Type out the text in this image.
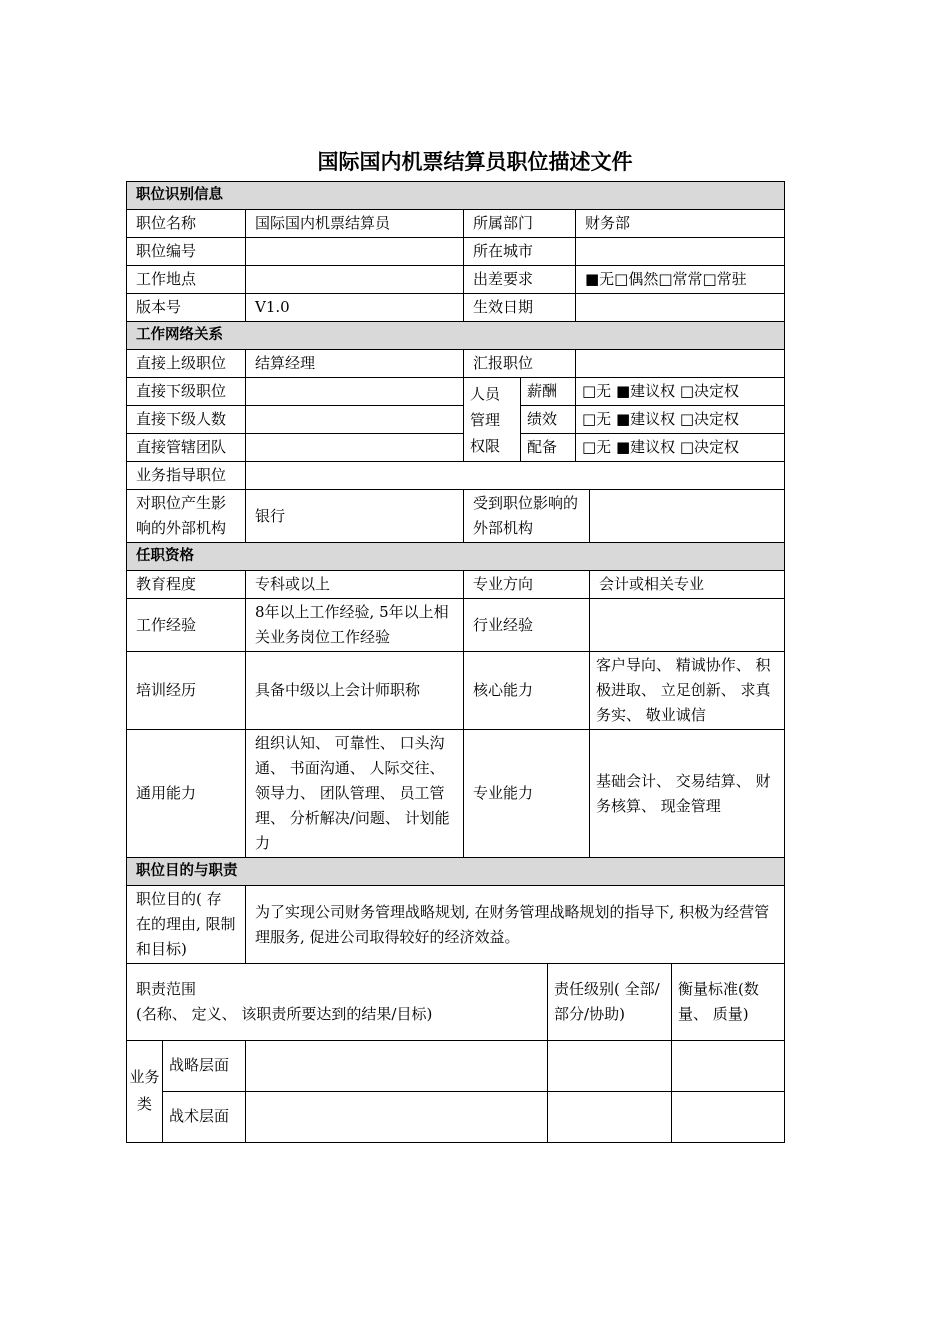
国际国内机票结算员职位描述文件
职位识别信息					
职位名称	国际国内机票结算员	所属部门		财务部	
职位编号		所在城市			
工作地点		出差要求		■无□偶然□常常□常驻	
版本号	V1.0	生效日期			
工作网络关系					
直接上级职位	结算经理	汇报职位			
直接下级职位		人员管理权限	薪酬	□无 ■建议权 □决定权	
直接下级人数			绩效	□无 ■建议权 □决定权	
直接管辖团队			配备	□无 ■建议权 □决定权	
业务指导职位					
对职位产生影响的外部机构	银行	受到职位影响的外部机构			
任职资格					
教育程度	专科或以上	专业方向			会计或相关专业
工作经验	8年以上工作经验, 5年以上相关业务岗位工作经验	行业经验			
培训经历	具备中级以上会计师职称	核心能力			客户导向、 精诚协作、 积极进取、 立足创新、 求真务实、 敬业诚信
通用能力	组织认知、 可靠性、 口头沟通、 书面沟通、 人际交往、 领导力、 团队管理、 员工管理、 分析解决/问题、 计划能力	专业能力			基础会计、 交易结算、 财务核算、 现金管理
职位目的与职责					
职位目的( 存在的理由, 限制和目标)	为了实现公司财务管理战略规划, 在财务管理战略规划的指导下, 积极为经营管理服务, 促进公司取得较好的经济效益。				
职责范围
(名称、 定义、 该职责所要达到的结果/目标)			责任级别( 全部/部分/协助)	衡量标准(数量、 质量)
业务类	战略层面			
	战术层面			
